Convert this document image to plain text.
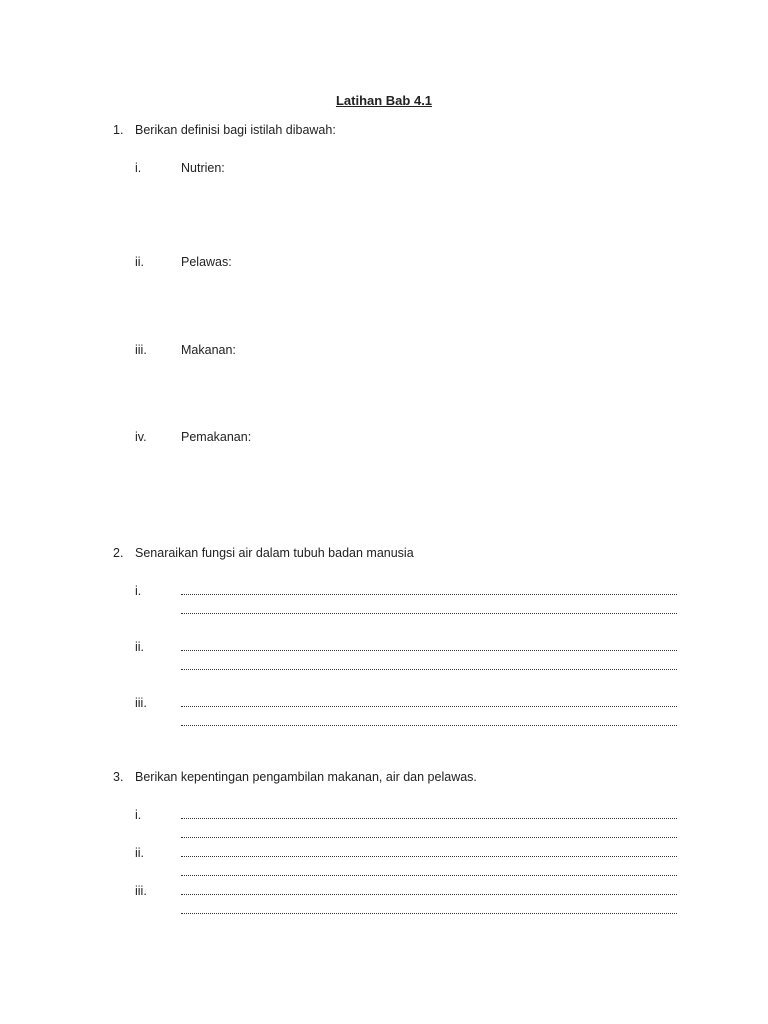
Latihan Bab 4.1
1. Berikan definisi bagi istilah dibawah:
i.	Nutrien:
ii.	Pelawas:
iii.	Makanan:
iv.	Pemakanan:
2. Senaraikan fungsi air dalam tubuh badan manusia
i.
ii.
iii.
3. Berikan kepentingan pengambilan makanan, air dan pelawas.
i.
ii.
iii.
